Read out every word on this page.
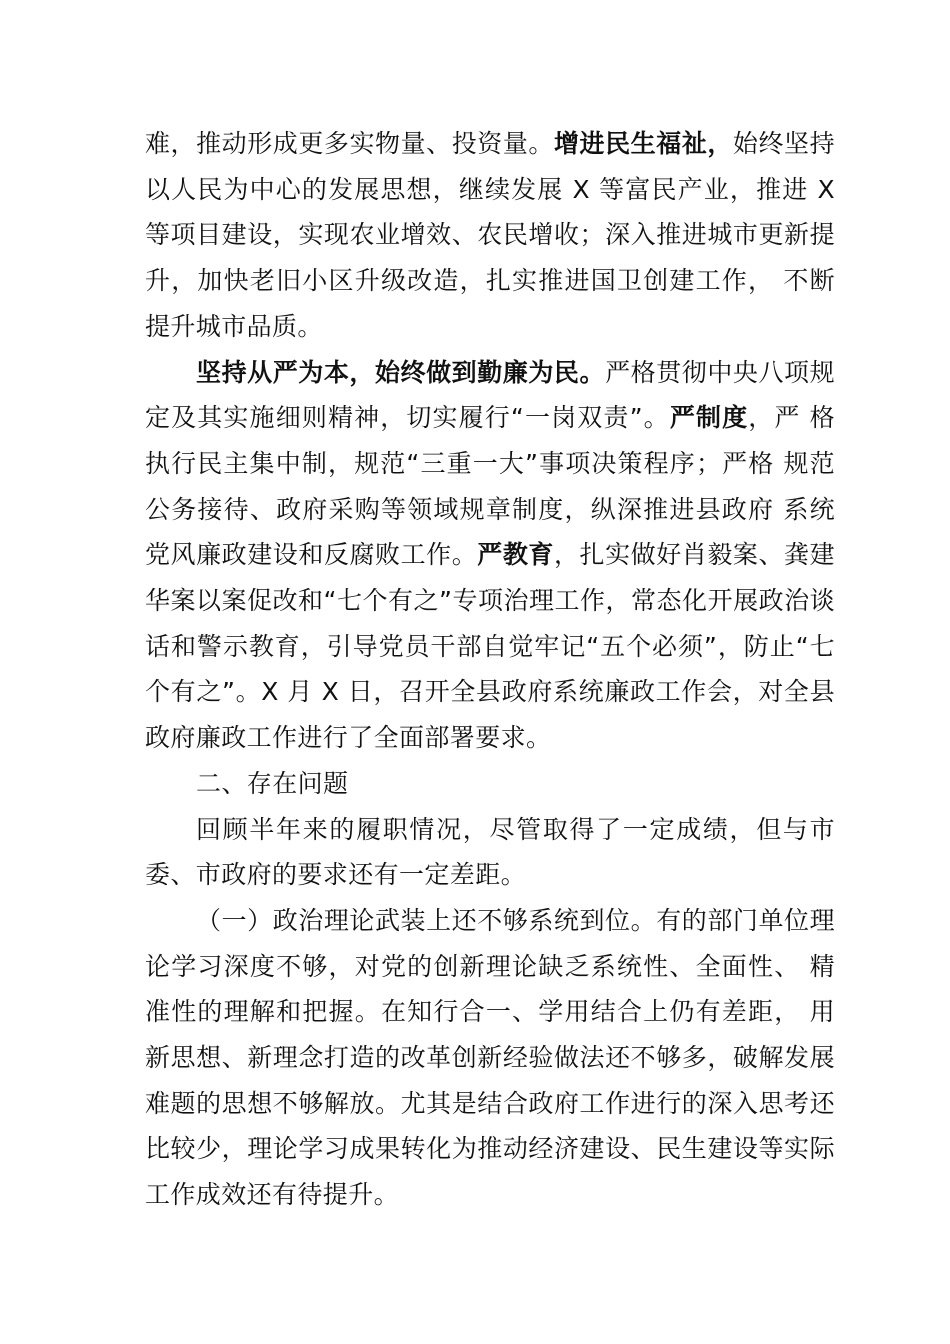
难，推动形成更多实物量、投资量。增进民生福祉，始终坚持以人民为中心的发展思想，继续发展 X 等富民产业，推进 X 等项目建设，实现农业增效、农民增收；深入推进城市更新提升，加快老旧小区升级改造，扎实推进国卫创建工作， 不断提升城市品质。

坚持从严为本，始终做到勤廉为民。严格贯彻中央八项规定及其实施细则精神，切实履行“一岗双责”。严制度，严 格执行民主集中制，规范“三重一大”事项决策程序；严格 规范公务接待、政府采购等领域规章制度，纵深推进县政府 系统党风廉政建设和反腐败工作。严教育，扎实做好肖毅案、龚建华案以案促改和“七个有之”专项治理工作，常态化开展政治谈话和警示教育，引导党员干部自觉牢记“五个必须”，防止“七个有之”。X 月 X 日，召开全县政府系统廉政工作会，对全县政府廉政工作进行了全面部署要求。

二、存在问题

回顾半年来的履职情况，尽管取得了一定成绩，但与市委、市政府的要求还有一定差距。

（一）政治理论武装上还不够系统到位。有的部门单位理论学习深度不够，对党的创新理论缺乏系统性、全面性、 精准性的理解和把握。在知行合一、学用结合上仍有差距， 用新思想、新理念打造的改革创新经验做法还不够多，破解发展难题的思想不够解放。尤其是结合政府工作进行的深入思考还比较少，理论学习成果转化为推动经济建设、民生建设等实际工作成效还有待提升。
